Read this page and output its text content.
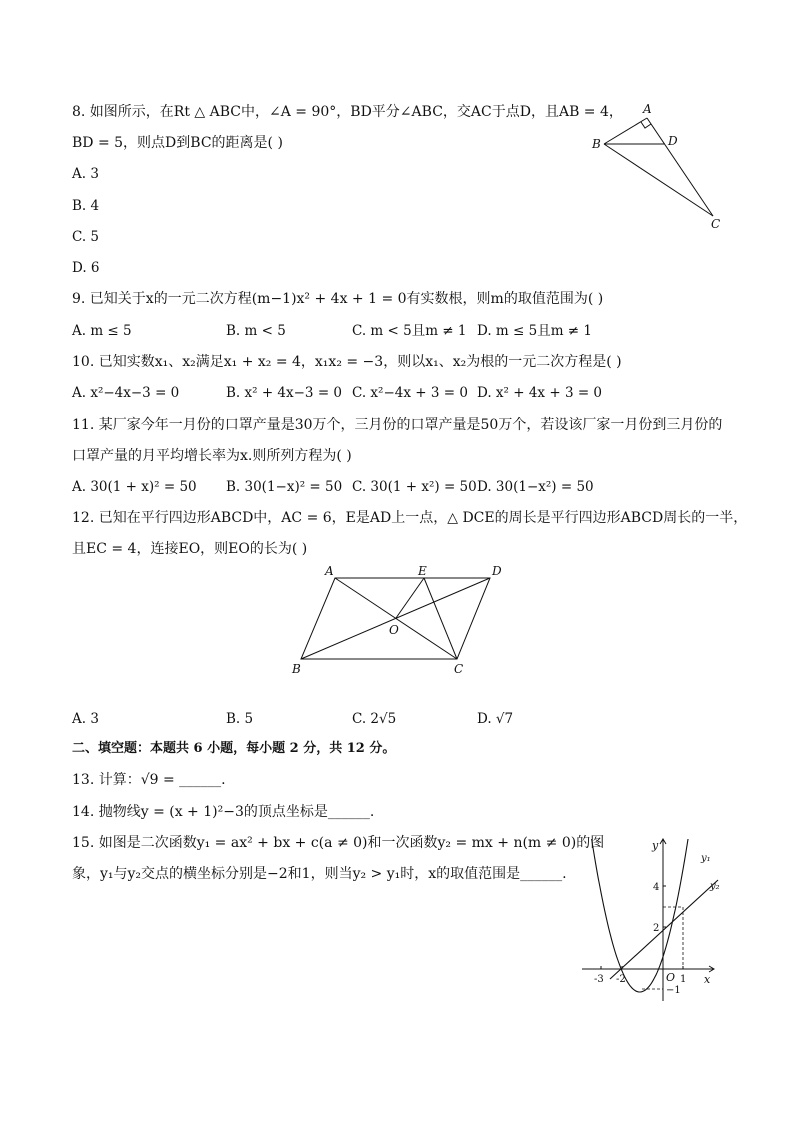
8. 如图所示，在Rt △ ABC中，∠A = 90°，BD平分∠ABC，交AC于点D，且AB = 4，
BD = 5，则点D到BC的距离是( )
A. 3
B. 4
C. 5
D. 6
A
B	D
C
9. 已知关于x的一元二次方程(m−1)x² + 4x + 1 = 0有实数根，则m的取值范围为( )
A. m ≤ 5	B. m < 5	C. m < 5且m ≠ 1 D. m ≤ 5且m ≠ 1
10. 已知实数x₁、x₂满足x₁ + x₂ = 4，x₁x₂ = −3，则以x₁、x₂为根的一元二次方程是( )
A. x²−4x−3 = 0	B. x² + 4x−3 = 0 C. x²−4x + 3 = 0 D. x² + 4x + 3 = 0
11. 某厂家今年一月份的口罩产量是30万个，三月份的口罩产量是50万个，若设该厂家一月份到三月份的
口罩产量的月平均增长率为x.则所列方程为( )
A. 30(1 + x)² = 50 B. 30(1−x)² = 50 C. 30(1 + x²) = 50 D. 30(1−x²) = 50
12. 已知在平行四边形ABCD中，AC = 6，E是AD上一点，△ DCE的周长是平行四边形ABCD周长的一半，
且EC = 4，连接EO，则EO的长为( )
A	E	D
O
B	C
A. 3	B. 5	C. 2√5	D. √7
二、填空题：本题共 6 小题，每小题 2 分，共 12 分。
13. 计算：√9 = ______.
14. 抛物线y = (x + 1)²−3的顶点坐标是______.
15. 如图是二次函数y₁ = ax² + bx + c(a ≠ 0)和一次函数y₂ = mx + n(m ≠ 0)的图
象，y₁与y₂交点的横坐标分别是−2和1，则当y₂ > y₁时，x的取值范围是______.
y
x
O
y₁
y₂
4
2
-3 -2	1
−1
